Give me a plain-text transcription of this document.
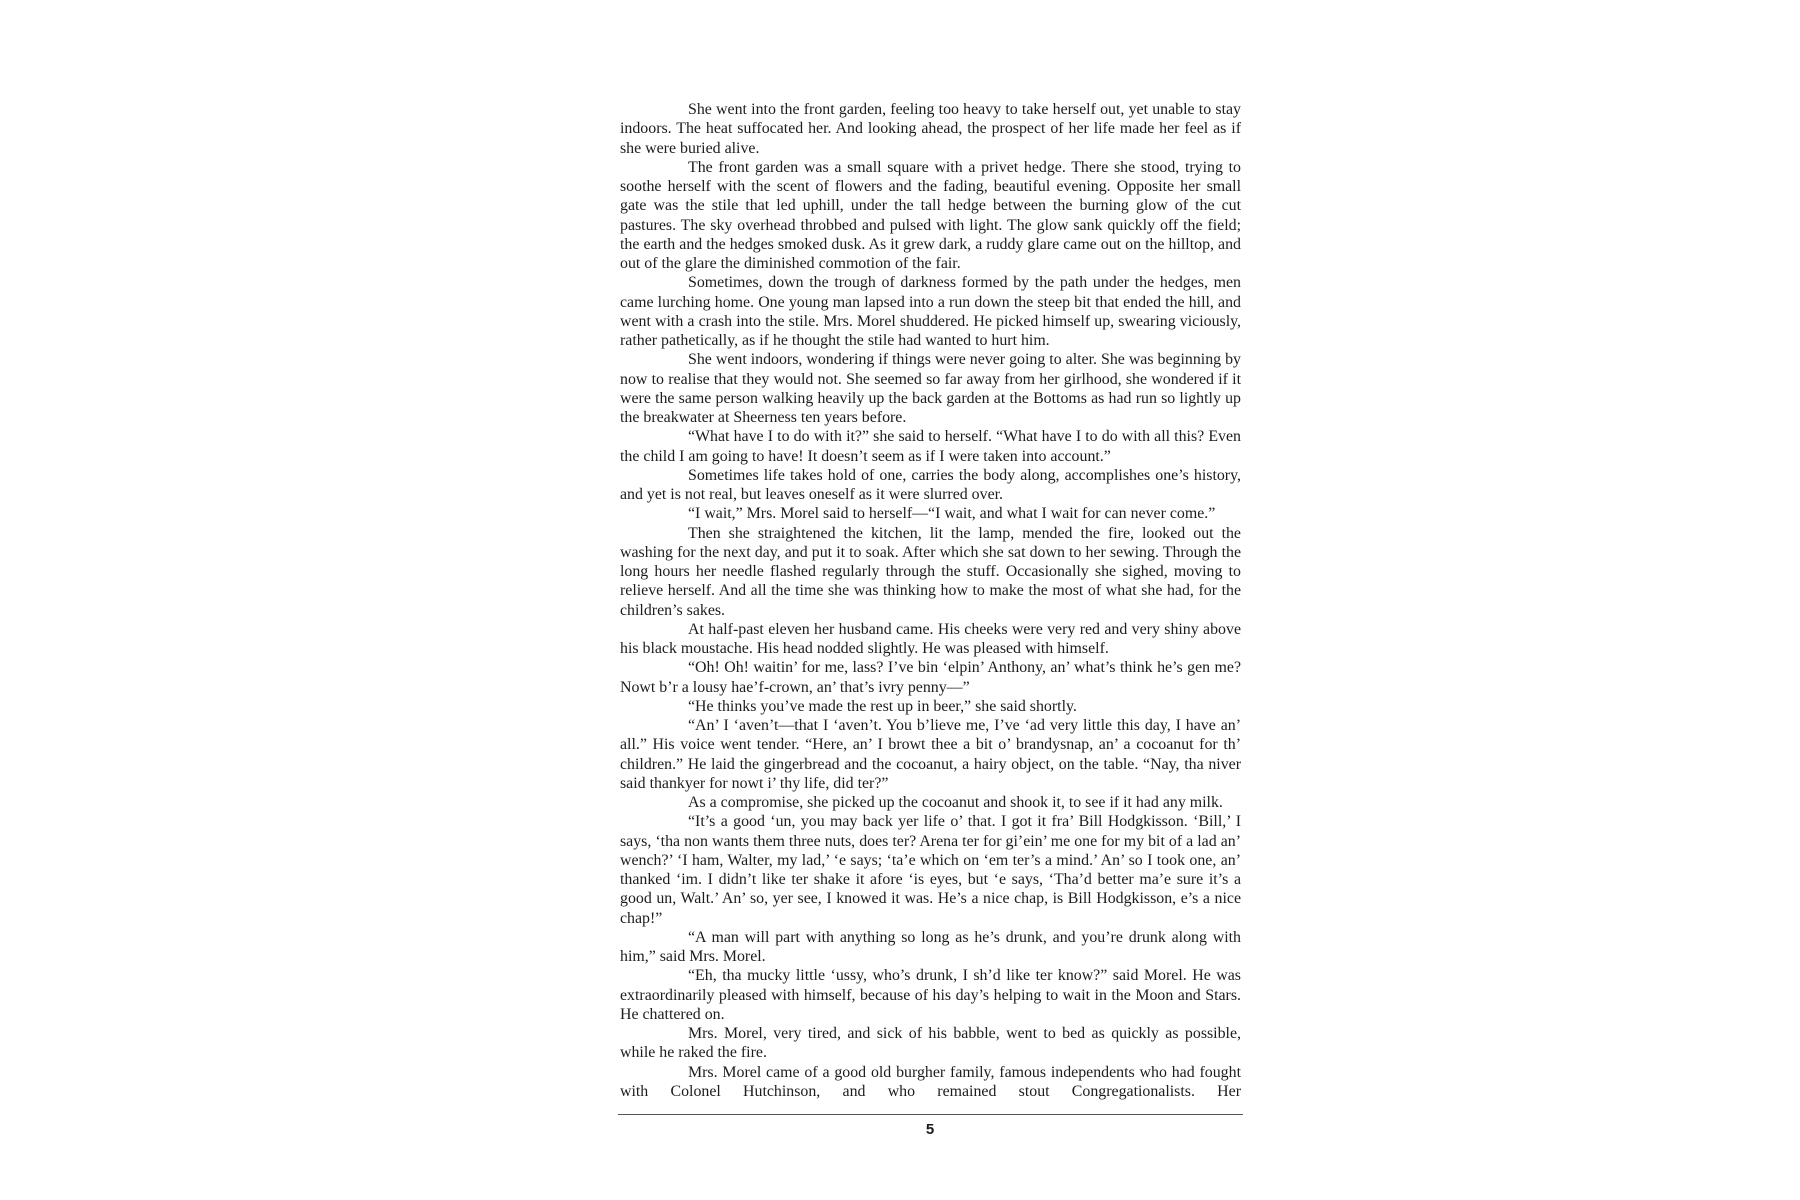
She went into the front garden, feeling too heavy to take herself out, yet unable to stay indoors. The heat suffocated her. And looking ahead, the prospect of her life made her feel as if she were buried alive.

The front garden was a small square with a privet hedge. There she stood, trying to soothe herself with the scent of flowers and the fading, beautiful evening. Opposite her small gate was the stile that led uphill, under the tall hedge between the burning glow of the cut pastures. The sky overhead throbbed and pulsed with light. The glow sank quickly off the field; the earth and the hedges smoked dusk. As it grew dark, a ruddy glare came out on the hilltop, and out of the glare the diminished commotion of the fair.

Sometimes, down the trough of darkness formed by the path under the hedges, men came lurching home. One young man lapsed into a run down the steep bit that ended the hill, and went with a crash into the stile. Mrs. Morel shuddered. He picked himself up, swearing viciously, rather pathetically, as if he thought the stile had wanted to hurt him.

She went indoors, wondering if things were never going to alter. She was beginning by now to realise that they would not. She seemed so far away from her girlhood, she wondered if it were the same person walking heavily up the back garden at the Bottoms as had run so lightly up the breakwater at Sheerness ten years before.

“What have I to do with it?” she said to herself. “What have I to do with all this? Even the child I am going to have! It doesn’t seem as if I were taken into account.”

Sometimes life takes hold of one, carries the body along, accomplishes one’s history, and yet is not real, but leaves oneself as it were slurred over.

“I wait,” Mrs. Morel said to herself—“I wait, and what I wait for can never come.”

Then she straightened the kitchen, lit the lamp, mended the fire, looked out the washing for the next day, and put it to soak. After which she sat down to her sewing. Through the long hours her needle flashed regularly through the stuff. Occasionally she sighed, moving to relieve herself. And all the time she was thinking how to make the most of what she had, for the children’s sakes.

At half-past eleven her husband came. His cheeks were very red and very shiny above his black moustache. His head nodded slightly. He was pleased with himself.

“Oh! Oh! waitin’ for me, lass? I’ve bin ‘elpin’ Anthony, an’ what’s think he’s gen me? Nowt b’r a lousy hae’f-crown, an’ that’s ivry penny—”

“He thinks you’ve made the rest up in beer,” she said shortly.

“An’ I ‘aven’t—that I ‘aven’t. You b’lieve me, I’ve ‘ad very little this day, I have an’ all.” His voice went tender. “Here, an’ I browt thee a bit o’ brandysnap, an’ a cocoanut for th’ children.” He laid the gingerbread and the cocoanut, a hairy object, on the table. “Nay, tha niver said thankyer for nowt i’ thy life, did ter?”

As a compromise, she picked up the cocoanut and shook it, to see if it had any milk.

“It’s a good ‘un, you may back yer life o’ that. I got it fra’ Bill Hodgkisson. ‘Bill,’ I says, ‘tha non wants them three nuts, does ter? Arena ter for gi’ein’ me one for my bit of a lad an’ wench?’ ‘I ham, Walter, my lad,’ ‘e says; ‘ta’e which on ‘em ter’s a mind.’ An’ so I took one, an’ thanked ‘im. I didn’t like ter shake it afore ‘is eyes, but ‘e says, ‘Tha’d better ma’e sure it’s a good un, Walt.’ An’ so, yer see, I knowed it was. He’s a nice chap, is Bill Hodgkisson, e’s a nice chap!”

“A man will part with anything so long as he’s drunk, and you’re drunk along with him,” said Mrs. Morel.

“Eh, tha mucky little ‘ussy, who’s drunk, I sh’d like ter know?” said Morel. He was extraordinarily pleased with himself, because of his day’s helping to wait in the Moon and Stars. He chattered on.

Mrs. Morel, very tired, and sick of his babble, went to bed as quickly as possible, while he raked the fire.

Mrs. Morel came of a good old burgher family, famous independents who had fought with Colonel Hutchinson, and who remained stout Congregationalists. Her

5
